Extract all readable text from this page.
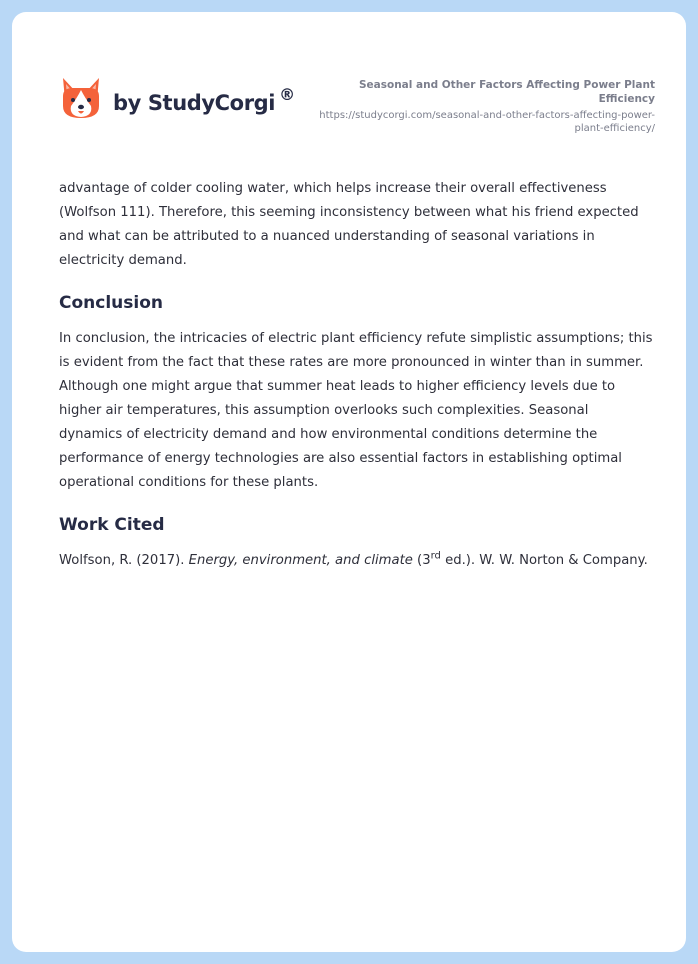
by StudyCorgi ®	Seasonal and Other Factors Affecting Power Plant Efficiency
https://studycorgi.com/seasonal-and-other-factors-affecting-power-plant-efficiency/

advantage of colder cooling water, which helps increase their overall effectiveness (Wolfson 111). Therefore, this seeming inconsistency between what his friend expected and what can be attributed to a nuanced understanding of seasonal variations in electricity demand.

Conclusion

In conclusion, the intricacies of electric plant efficiency refute simplistic assumptions; this is evident from the fact that these rates are more pronounced in winter than in summer. Although one might argue that summer heat leads to higher efficiency levels due to higher air temperatures, this assumption overlooks such complexities. Seasonal dynamics of electricity demand and how environmental conditions determine the performance of energy technologies are also essential factors in establishing optimal operational conditions for these plants.

Work Cited

Wolfson, R. (2017). Energy, environment, and climate (3rd ed.). W. W. Norton & Company.
